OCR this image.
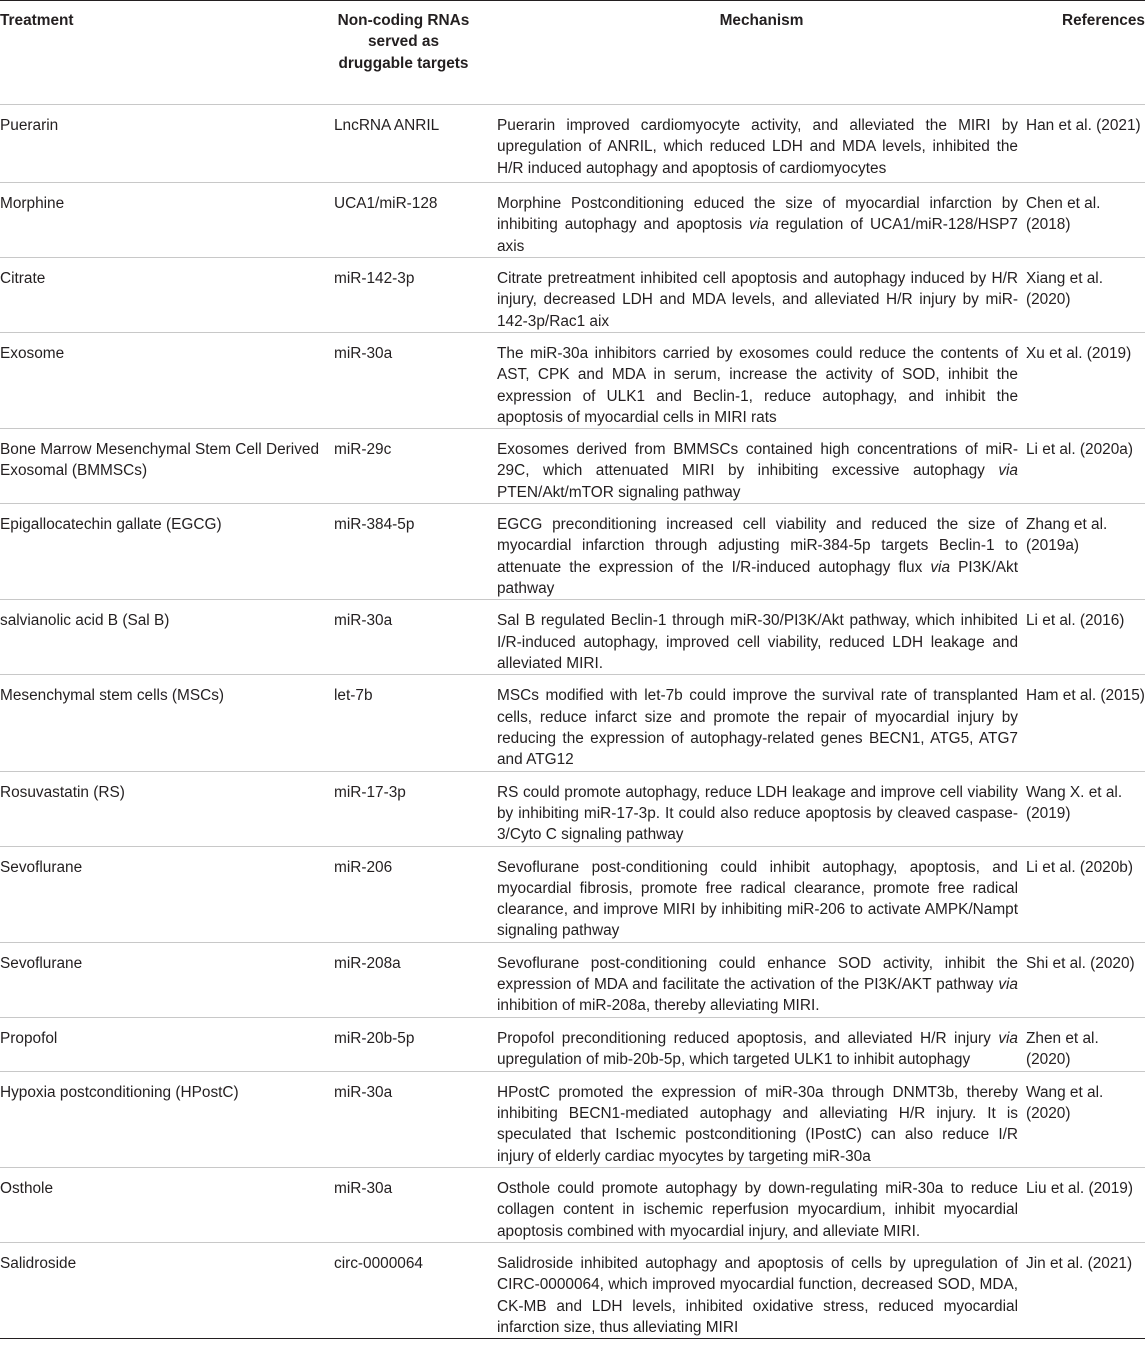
Treatment	Non-coding RNAs served as druggable targets	Mechanism	References
Puerarin	LncRNA ANRIL	Puerarin improved cardiomyocyte activity, and alleviated the MIRI by upregulation of ANRIL, which reduced LDH and MDA levels, inhibited the H/R induced autophagy and apoptosis of cardiomyocytes	Han et al. (2021)
Morphine	UCA1/miR-128	Morphine Postconditioning educed the size of myocardial infarction by inhibiting autophagy and apoptosis via regulation of UCA1/miR-128/HSP7 axis	Chen et al. (2018)
Citrate	miR-142-3p	Citrate pretreatment inhibited cell apoptosis and autophagy induced by H/R injury, decreased LDH and MDA levels, and alleviated H/R injury by miR-142-3p/Rac1 aix	Xiang et al. (2020)
Exosome	miR-30a	The miR-30a inhibitors carried by exosomes could reduce the contents of AST, CPK and MDA in serum, increase the activity of SOD, inhibit the expression of ULK1 and Beclin-1, reduce autophagy, and inhibit the apoptosis of myocardial cells in MIRI rats	Xu et al. (2019)
Bone Marrow Mesenchymal Stem Cell Derived Exosomal (BMMSCs)	miR-29c	Exosomes derived from BMMSCs contained high concentrations of miR-29C, which attenuated MIRI by inhibiting excessive autophagy via PTEN/Akt/mTOR signaling pathway	Li et al. (2020a)
Epigallocatechin gallate (EGCG)	miR-384-5p	EGCG preconditioning increased cell viability and reduced the size of myocardial infarction through adjusting miR-384-5p targets Beclin-1 to attenuate the expression of the I/R-induced autophagy flux via PI3K/Akt pathway	Zhang et al. (2019a)
salvianolic acid B (Sal B)	miR-30a	Sal B regulated Beclin-1 through miR-30/PI3K/Akt pathway, which inhibited I/R-induced autophagy, improved cell viability, reduced LDH leakage and alleviated MIRI.	Li et al. (2016)
Mesenchymal stem cells (MSCs)	let-7b	MSCs modified with let-7b could improve the survival rate of transplanted cells, reduce infarct size and promote the repair of myocardial injury by reducing the expression of autophagy-related genes BECN1, ATG5, ATG7 and ATG12	Ham et al. (2015)
Rosuvastatin (RS)	miR-17-3p	RS could promote autophagy, reduce LDH leakage and improve cell viability by inhibiting miR-17-3p. It could also reduce apoptosis by cleaved caspase-3/Cyto C signaling pathway	Wang X. et al. (2019)
Sevoflurane	miR-206	Sevoflurane post-conditioning could inhibit autophagy, apoptosis, and myocardial fibrosis, promote free radical clearance, promote free radical clearance, and improve MIRI by inhibiting miR-206 to activate AMPK/Nampt signaling pathway	Li et al. (2020b)
Sevoflurane	miR-208a	Sevoflurane post-conditioning could enhance SOD activity, inhibit the expression of MDA and facilitate the activation of the PI3K/AKT pathway via inhibition of miR-208a, thereby alleviating MIRI.	Shi et al. (2020)
Propofol	miR-20b-5p	Propofol preconditioning reduced apoptosis, and alleviated H/R injury via upregulation of mib-20b-5p, which targeted ULK1 to inhibit autophagy	Zhen et al. (2020)
Hypoxia postconditioning (HPostC)	miR-30a	HPostC promoted the expression of miR-30a through DNMT3b, thereby inhibiting BECN1-mediated autophagy and alleviating H/R injury. It is speculated that Ischemic postconditioning (IPostC) can also reduce I/R injury of elderly cardiac myocytes by targeting miR-30a	Wang et al. (2020)
Osthole	miR-30a	Osthole could promote autophagy by down-regulating miR-30a to reduce collagen content in ischemic reperfusion myocardium, inhibit myocardial apoptosis combined with myocardial injury, and alleviate MIRI.	Liu et al. (2019)
Salidroside	circ-0000064	Salidroside inhibited autophagy and apoptosis of cells by upregulation of CIRC-0000064, which improved myocardial function, decreased SOD, MDA, CK-MB and LDH levels, inhibited oxidative stress, reduced myocardial infarction size, thus alleviating MIRI	Jin et al. (2021)
